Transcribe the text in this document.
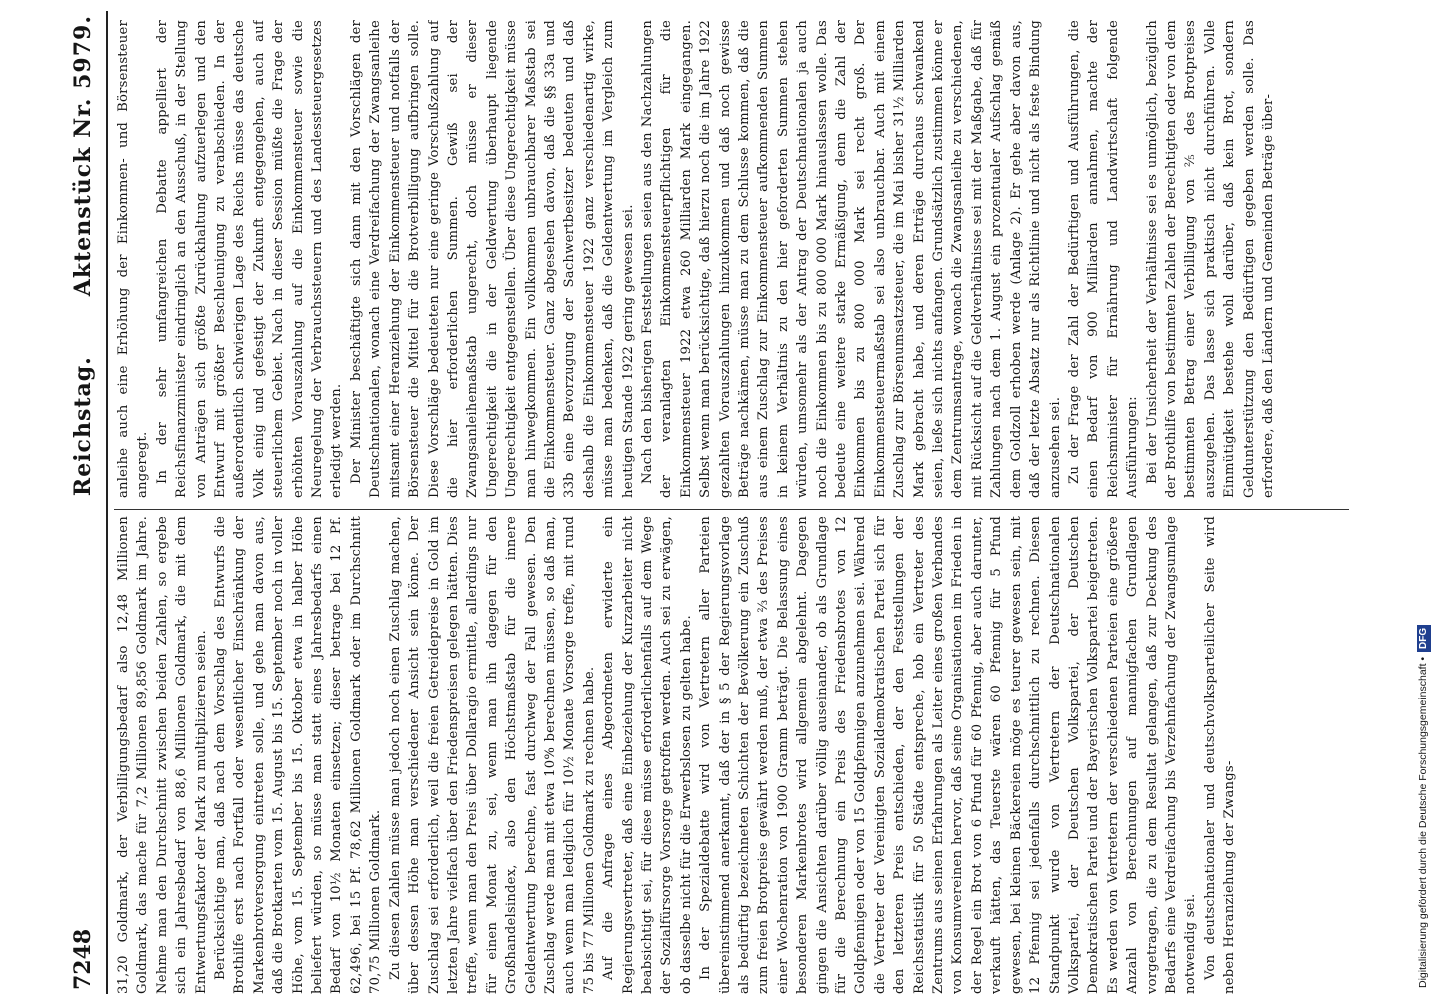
7248
Reichstag.Aktenstück Nr. 5979.

31,20 Goldmark, der Verbilligungsbedarf also 12,48 Millionen Goldmark, das mache für 7,2 Millionen 89,856 Goldmark im Jahre. Nehme man den Durchschnitt zwischen beiden Zahlen, so ergebe sich ein Jahresbedarf von 88,6 Millionen Goldmark, die mit dem Entwertungsfaktor der Mark zu multiplizieren seien. Berücksichtige man, daß nach dem Vorschlag des Entwurfs die Brothilfe erst nach Fortfall oder wesentlicher Einschränkung der Markenbrotversorgung eintreten solle, und gehe man davon aus, daß die Brotkarten vom 15. August bis 15. September noch in voller Höhe, vom 15. September bis 15. Oktober etwa in halber Höhe beliefert würden, so müsse man statt eines Jahresbedarfs einen Bedarf von 10½ Monaten einsetzen; dieser betrage bei 12 Pf. 62,496, bei 15 Pf. 78,62 Millionen Goldmark oder im Durchschnitt 70,75 Millionen Goldmark. Zu diesen Zahlen müsse man jedoch noch einen Zuschlag machen, über dessen Höhe man verschiedener Ansicht sein könne. Der Zuschlag sei erforderlich, weil die freien Getreidepreise in Gold im letzten Jahre vielfach über den Friedenspreisen gelegen hätten. Dies treffe, wenn man den Preis über Dollaragio ermittle, allerdings nur für einen Monat zu, sei, wenn man ihn dagegen für den Großhandelsindex, also den Höchstmaßstab für die innere Geldentwertung berechne, fast durchweg der Fall gewesen. Den Zuschlag werde man mit etwa 10% berechnen müssen, so daß man, auch wenn man lediglich für 10½ Monate Vorsorge treffe, mit rund 75 bis 77 Millionen Goldmark zu rechnen habe. Auf die Anfrage eines Abgeordneten erwiderte ein Regierungsvertreter, daß eine Einbeziehung der Kurzarbeiter nicht beabsichtigt sei, für diese müsse erforderlichenfalls auf dem Wege der Sozialfürsorge Vorsorge getroffen werden. Auch sei zu erwägen, ob dasselbe nicht für die Erwerbslosen zu gelten habe. In der Spezialdebatte wird von Vertretern aller Parteien übereinstimmend anerkannt, daß der in § 5 der Regierungsvorlage als bedürftig bezeichneten Schichten der Bevölkerung ein Zuschuß zum freien Brotpreise gewährt werden muß, der etwa ⅔ des Preises einer Wochenration von 1900 Gramm beträgt. Die Belassung eines besonderen Markenbrotes wird allgemein abgelehnt. Dagegen gingen die Ansichten darüber völlig auseinander, ob als Grundlage für die Berechnung ein Preis des Friedensbrotes von 12 Goldpfennigen oder von 15 Goldpfennigen anzunehmen sei. Während die Vertreter der Vereinigten Sozialdemokratischen Partei sich für den letzteren Preis entschieden, der den Feststellungen der Reichsstatistik für 50 Städte entspreche, hob ein Vertreter des Zentrums aus seinen Erfahrungen als Leiter eines großen Verbandes von Konsumvereinen hervor, daß seine Organisationen im Frieden in der Regel ein Brot von 6 Pfund für 60 Pfennig, aber auch darunter, verkauft hätten, das Teuerste wären 60 Pfennig für 5 Pfund gewesen, bei kleinen Bäckereien möge es teurer gewesen sein, mit 12 Pfennig sei jedenfalls durchschnittlich zu rechnen. Diesen Standpunkt wurde von Vertretern der Deutschnationalen Volkspartei, der Deutschen Volkspartei, der Deutschen Demokratischen Partei und der Bayerischen Volkspartei beigetreten. Es werden von Vertretern der verschiedenen Parteien eine größere Anzahl von Berechnungen auf mannigfachen Grundlagen vorgetragen, die zu dem Resultat gelangen, daß zur Deckung des Bedarfs eine Verdreifachung bis Verzehnfachung der Zwangsumlage notwendig sei. Von deutschnationaler und deutschvolksparteilicher Seite wird neben Heranziehung der Zwangs-

anleihe auch eine Erhöhung der Einkommen- und Börsensteuer angeregt. In der sehr umfangreichen Debatte appelliert der Reichsfinanzminister eindringlich an den Ausschuß, in der Stellung von Anträgen sich größte Zurückhaltung aufzuerlegen und den Entwurf mit größter Beschleunigung zu verabschieden. In der außerordentlich schwierigen Lage des Reichs müsse das deutsche Volk einig und gefestigt der Zukunft entgegengehen, auch auf steuerlichem Gebiet. Nach in dieser Session müßte die Frage der erhöhten Vorauszahlung auf die Einkommensteuer sowie die Neuregelung der Verbrauchssteuern und des Landessteuergesetzes erledigt werden. Der Minister beschäftigte sich dann mit den Vorschlägen der Deutschnationalen, wonach eine Verdreifachung der Zwangsanleihe mitsamt einer Heranziehung der Einkommensteuer und notfalls der Börsensteuer die Mittel für die Brotverbilligung aufbringen solle. Diese Vorschläge bedeuteten nur eine geringe Vorschußzahlung auf die hier erforderlichen Summen. Gewiß sei der Zwangsanleihemaßstab ungerecht, doch müsse er dieser Ungerechtigkeit die in der Geldwertung überhaupt liegende Ungerechtigkeit entgegenstellen. Über diese Ungerechtigkeit müsse man hinwegkommen. Ein vollkommen unbrauchbarer Maßstab sei die Einkommensteuer. Ganz abgesehen davon, daß die §§ 33a und 33b eine Bevorzugung der Sachwertbesitzer bedeuten und daß deshalb die Einkommensteuer 1922 ganz verschiedenartig wirke, müsse man bedenken, daß die Geldentwertung im Vergleich zum heutigen Stande 1922 gering gewesen sei. Nach den bisherigen Feststellungen seien aus den Nachzahlungen der veranlagten Einkommensteuerpflichtigen für die Einkommensteuer 1922 etwa 260 Milliarden Mark eingegangen. Selbst wenn man berücksichtige, daß hierzu noch die im Jahre 1922 gezahlten Vorauszahlungen hinzukommen und daß noch gewisse Beträge nachkämen, müsse man zu dem Schlusse kommen, daß die aus einem Zuschlag zur Einkommensteuer aufkommenden Summen in keinem Verhältnis zu den hier geforderten Summen stehen würden, umsomehr als der Antrag der Deutschnationalen ja auch noch die Einkommen bis zu 800 000 Mark hinauslassen wolle. Das bedeute eine weitere starke Ermäßigung, denn die Zahl der Einkommen bis zu 800 000 Mark sei recht groß. Der Einkommensteuermaßstab sei also unbrauchbar. Auch mit einem Zuschlag zur Börsenumsatzsteuer, die im Mai bisher 31½ Milliarden Mark gebracht habe, und deren Erträge durchaus schwankend seien, ließe sich nichts anfangen. Grundsätzlich zustimmen könne er dem Zentrumsantrage, wonach die Zwangsanleihe zu verschiedenen, mit Rücksicht auf die Geldverhältnisse sei mit der Maßgabe, daß für Zahlungen nach dem 1. August ein prozentualer Aufschlag gemäß dem Goldzoll erhoben werde (Anlage 2). Er gehe aber davon aus, daß der letzte Absatz nur als Richtlinie und nicht als feste Bindung anzusehen sei. Zu der Frage der Zahl der Bedürftigen und Ausführungen, die einen Bedarf von 900 Milliarden annahmen, machte der Reichsminister für Ernährung und Landwirtschaft folgende Ausführungen: Bei der Unsicherheit der Verhältnisse sei es unmöglich, bezüglich der Brothilfe von bestimmten Zahlen der Berechtigten oder von dem bestimmten Betrag einer Verbilligung von ⅖ des Brotpreises auszugehen. Das lasse sich praktisch nicht durchführen. Volle Einmütigkeit bestehe wohl darüber, daß kein Brot, sondern Geldunterstützung den Bedürftigen gegeben werden solle. Das erfordere, daß den Ländern und Gemeinden Beträge über-

Digitalisierung gefördert durch die Deutsche Forschungsgemeinschaft • DFG
